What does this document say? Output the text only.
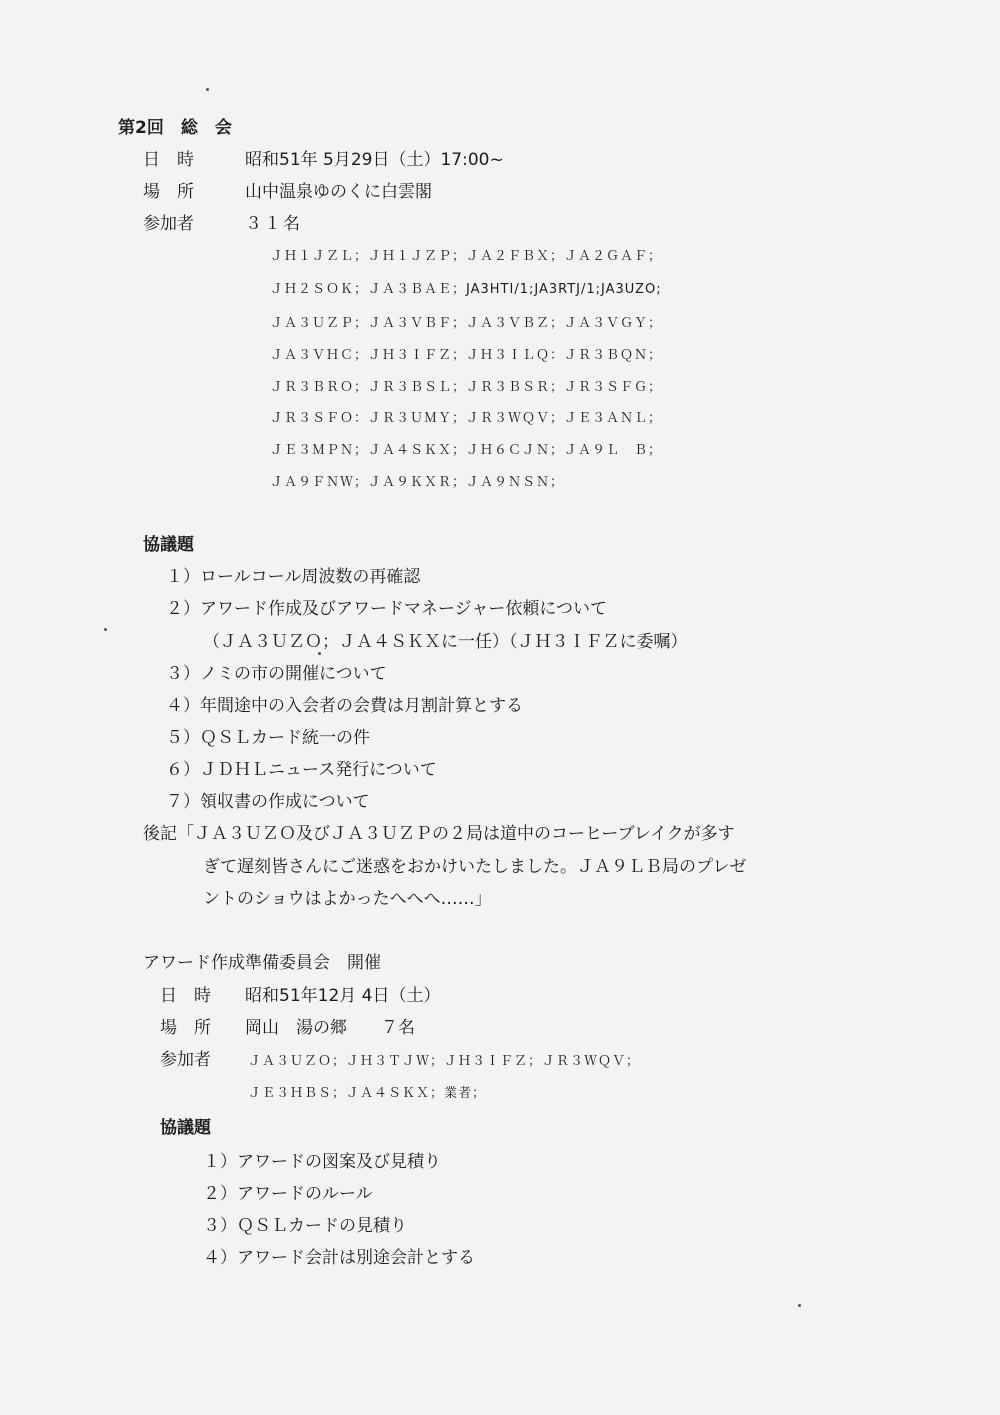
第2回　総　会
日　時	昭和51年 5月29日（土）17:00~
場　所	山中温泉ゆのくに白雲閣
参加者	３１名
ＪＨ１ＪＺＬ；ＪＨ１ＪＺＰ；ＪＡ２ＦＢＸ；ＪＡ２ＧＡＦ；
ＪＨ２ＳＯＫ；ＪＡ３ＢＡＥ；JA3HTI/1;JA3RTJ/1;JA3UZO;
ＪＡ３ＵＺＰ；ＪＡ３ＶＢＦ；ＪＡ３ＶＢＺ；ＪＡ３ＶＧＹ；
ＪＡ３ＶＨＣ；ＪＨ３ＩＦＺ；ＪＨ３ＩＬＱ：ＪＲ３ＢＱＮ；
ＪＲ３ＢＲＯ；ＪＲ３ＢＳＬ；ＪＲ３ＢＳＲ；ＪＲ３ＳＦＧ；
ＪＲ３ＳＦＯ：ＪＲ３ＵＭＹ；ＪＲ３ＷＱＶ；ＪＥ３ＡＮＬ；
ＪＥ３ＭＰＮ；ＪＡ４ＳＫＸ；ＪＨ６ＣＪＮ；ＪＡ９Ｌ　Ｂ；
ＪＡ９ＦＮＷ；ＪＡ９ＫＸＲ；ＪＡ９ＮＳＮ；
協議題
１）ロールコール周波数の再確認
２）アワード作成及びアワードマネージャー依頼について
（ＪＡ３ＵＺＯ；ＪＡ４ＳＫＸに一任）（ＪＨ３ＩＦＺに委嘱）
３）ノミの市の開催について
４）年間途中の入会者の会費は月割計算とする
５）ＱＳＬカード統一の件
６）ＪＤＨＬニュース発行について
７）領収書の作成について
後記「ＪＡ３ＵＺＯ及びＪＡ３ＵＺＰの２局は道中のコーヒーブレイクが多す
ぎて遅刻皆さんにご迷惑をおかけいたしました。ＪＡ９ＬＢ局のプレゼ
ントのショウはよかったへへへ……」
アワード作成準備委員会　開催
日　時 昭和51年12月 4日（土）
場　所 岡山　湯の郷　　７名
参加者	ＪＡ３ＵＺＯ；ＪＨ３ＴＪＷ；ＪＨ３ＩＦＺ；ＪＲ３ＷＱＶ；
ＪＥ３ＨＢＳ；ＪＡ４ＳＫＸ；業者；
協議題
１）アワードの図案及び見積り
２）アワードのルール
３）ＱＳＬカードの見積り
４）アワード会計は別途会計とする
